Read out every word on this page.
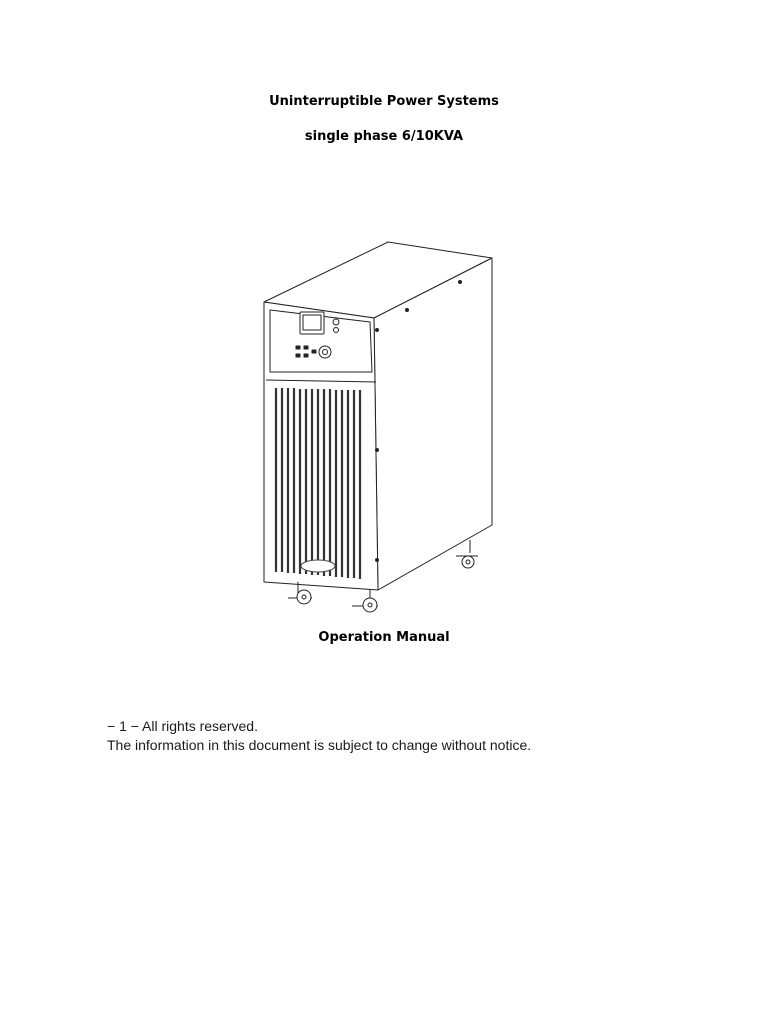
Uninterruptible Power Systems
single phase 6/10KVA
Operation Manual
− 1 − All rights reserved.
The information in this document is subject to change without notice.
